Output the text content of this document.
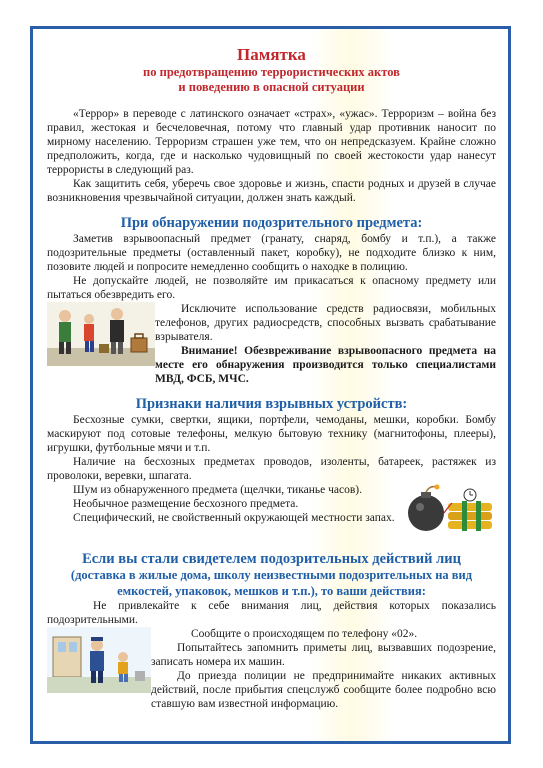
Памятка
по предотвращению террористических актов
и поведению в опасной ситуации

«Террор» в переводе с латинского означает «страх», «ужас». Терроризм – война без правил, жестокая и бесчеловечная, потому что главный удар противник наносит по мирному населению. Терроризм страшен уже тем, что он непредсказуем. Крайне сложно предположить, когда, где и насколько чудовищный по своей жестокости удар нанесут террористы в следующий раз.

Как защитить себя, уберечь свое здоровье и жизнь, спасти родных и друзей в случае возникновения чрезвычайной ситуации, должен знать каждый.

При обнаружении подозрительного предмета:

Заметив взрывоопасный предмет (гранату, снаряд, бомбу и т.п.), а также подозрительные предметы (оставленный пакет, коробку), не подходите близко к ним, позовите людей и попросите немедленно сообщить о находке в полицию.

Не допускайте людей, не позволяйте им прикасаться к опасному предмету или пытаться обезвредить его.

Исключите использование средств радиосвязи, мобильных телефонов, других радиосредств, способных вызвать срабатывание взрывателя.

Внимание! Обезвреживание взрывоопасного предмета на месте его обнаружения производится только специалистами МВД, ФСБ, МЧС.

Признаки наличия взрывных устройств:

Бесхозные сумки, свертки, ящики, портфели, чемоданы, мешки, коробки. Бомбу маскируют под сотовые телефоны, мелкую бытовую технику (магнитофоны, плееры), игрушки, футбольные мячи и т.п.

Наличие на бесхозных предметах проводов, изоленты, батареек, растяжек из проволоки, веревки, шпагата.

Шум из обнаруженного предмета (щелчки, тиканье часов).

Необычное размещение бесхозного предмета.

Специфический, не свойственный окружающей местности запах.

Если вы стали свидетелем подозрительных действий лиц
(доставка в жилые дома, школу неизвестными подозрительных на вид емкостей, упаковок, мешков и т.п.), то ваши действия:

Не привлекайте к себе внимания лиц, действия которых показались подозрительными.

Сообщите о происходящем по телефону «02».

Попытайтесь запомнить приметы лиц, вызвавших подозрение, записать номера их машин.

До приезда полиции не предпринимайте никаких активных действий, после прибытия спецслужб сообщите более подробно всю ставшую вам известной информацию.
